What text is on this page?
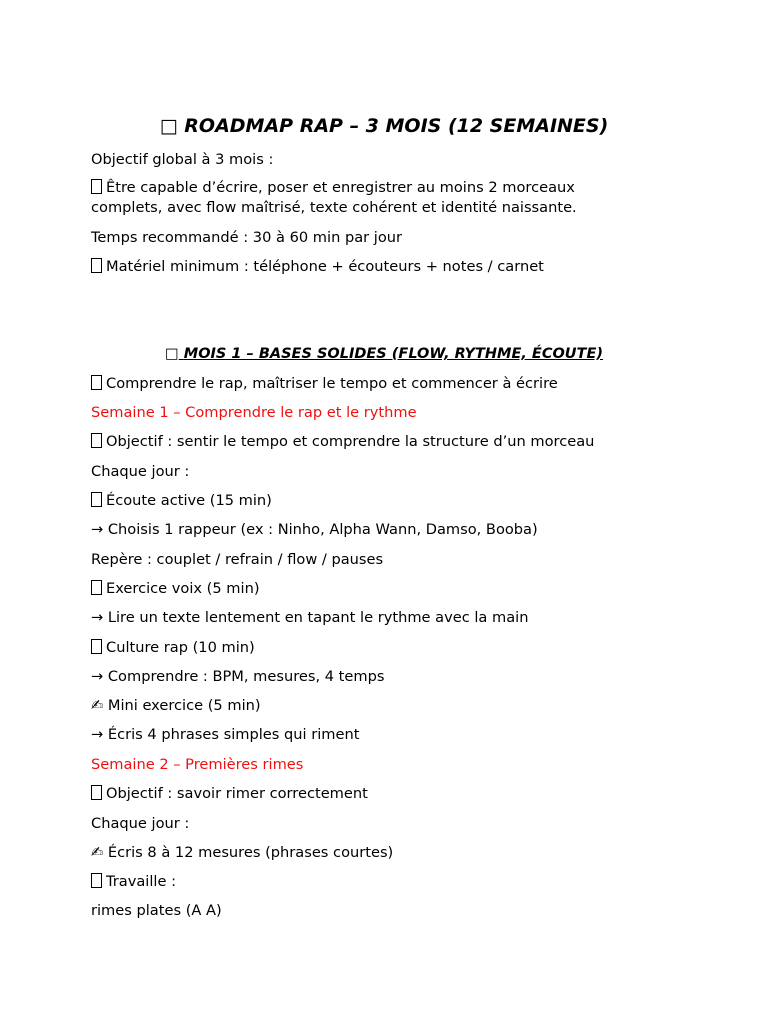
□ ROADMAP RAP – 3 MOIS (12 SEMAINES)
Objectif global à 3 mois :
Être capable d’écrire, poser et enregistrer au moins 2 morceaux complets, avec flow maîtrisé, texte cohérent et identité naissante.
Temps recommandé : 30 à 60 min par jour
Matériel minimum : téléphone + écouteurs + notes / carnet
□ MOIS 1 – BASES SOLIDES (FLOW, RYTHME, ÉCOUTE)
Comprendre le rap, maîtriser le tempo et commencer à écrire
Semaine 1 – Comprendre le rap et le rythme
Objectif : sentir le tempo et comprendre la structure d’un morceau
Chaque jour :
Écoute active (15 min)
→ Choisis 1 rappeur (ex : Ninho, Alpha Wann, Damso, Booba)
Repère : couplet / refrain / flow / pauses
Exercice voix (5 min)
→ Lire un texte lentement en tapant le rythme avec la main
Culture rap (10 min)
→ Comprendre : BPM, mesures, 4 temps
✍ Mini exercice (5 min)
→ Écris 4 phrases simples qui riment
Semaine 2 – Premières rimes
Objectif : savoir rimer correctement
Chaque jour :
✍ Écris 8 à 12 mesures (phrases courtes)
Travaille :
rimes plates (A A)
